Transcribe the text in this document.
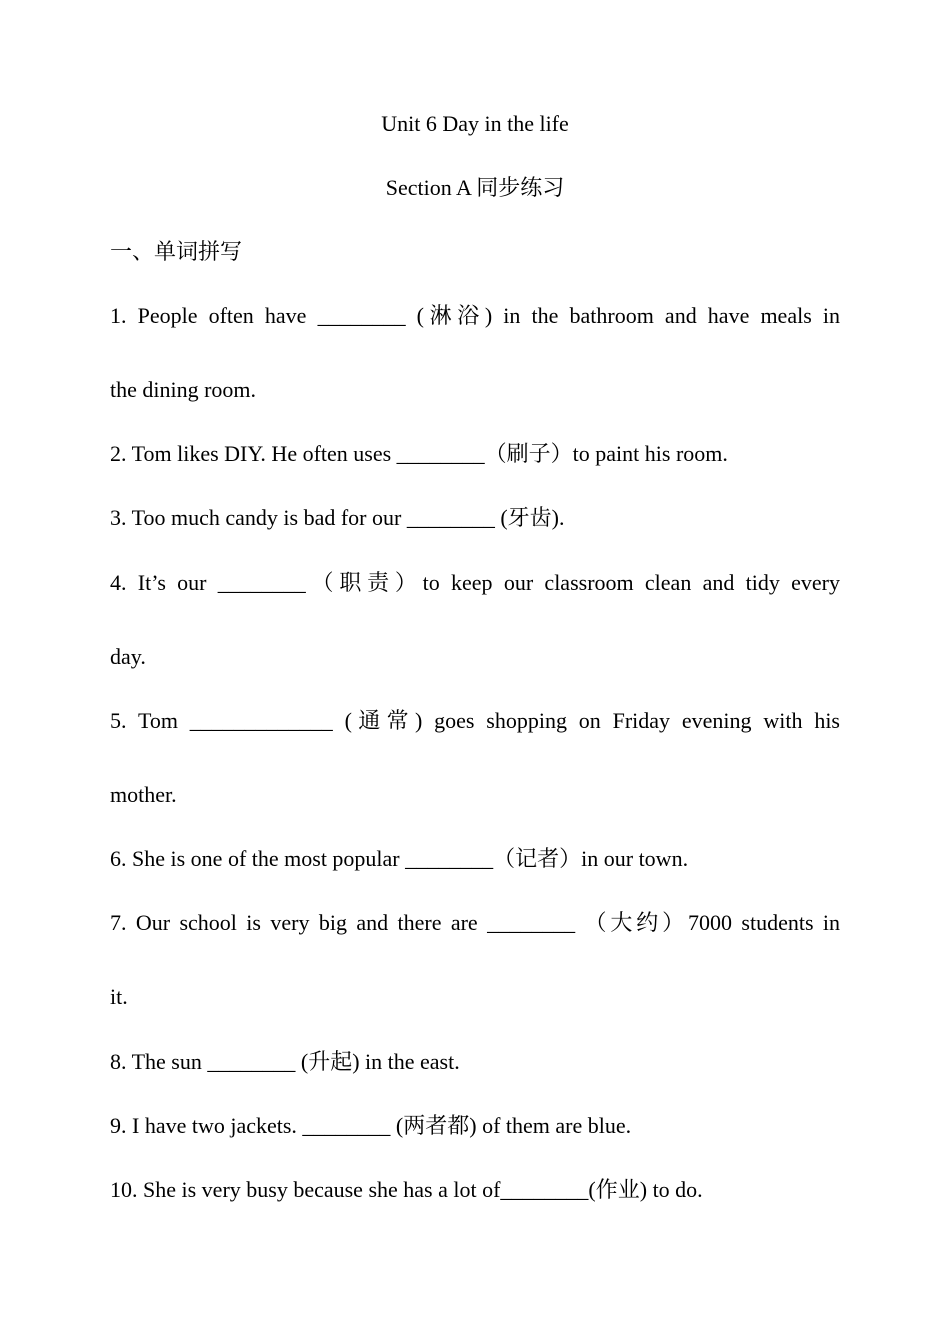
Unit 6 Day in the life
Section A 同步练习
一、单词拼写
1. People often have ________ (淋浴) in the bathroom and have meals in
the dining room.
2. Tom likes DIY. He often uses ________（刷子）to paint his room.
3. Too much candy is bad for our ________ (牙齿).
4. It’s our ________（职责）to keep our classroom clean and tidy every
day.
5. Tom _____________ (通常) goes shopping on Friday evening with his
mother.
6. She is one of the most popular ________（记者）in our town.
7. Our school is very big and there are ________ （大约）7000 students in
it.
8. The sun ________ (升起) in the east.
9. I have two jackets. ________ (两者都) of them are blue.
10. She is very busy because she has a lot of________(作业) to do.
